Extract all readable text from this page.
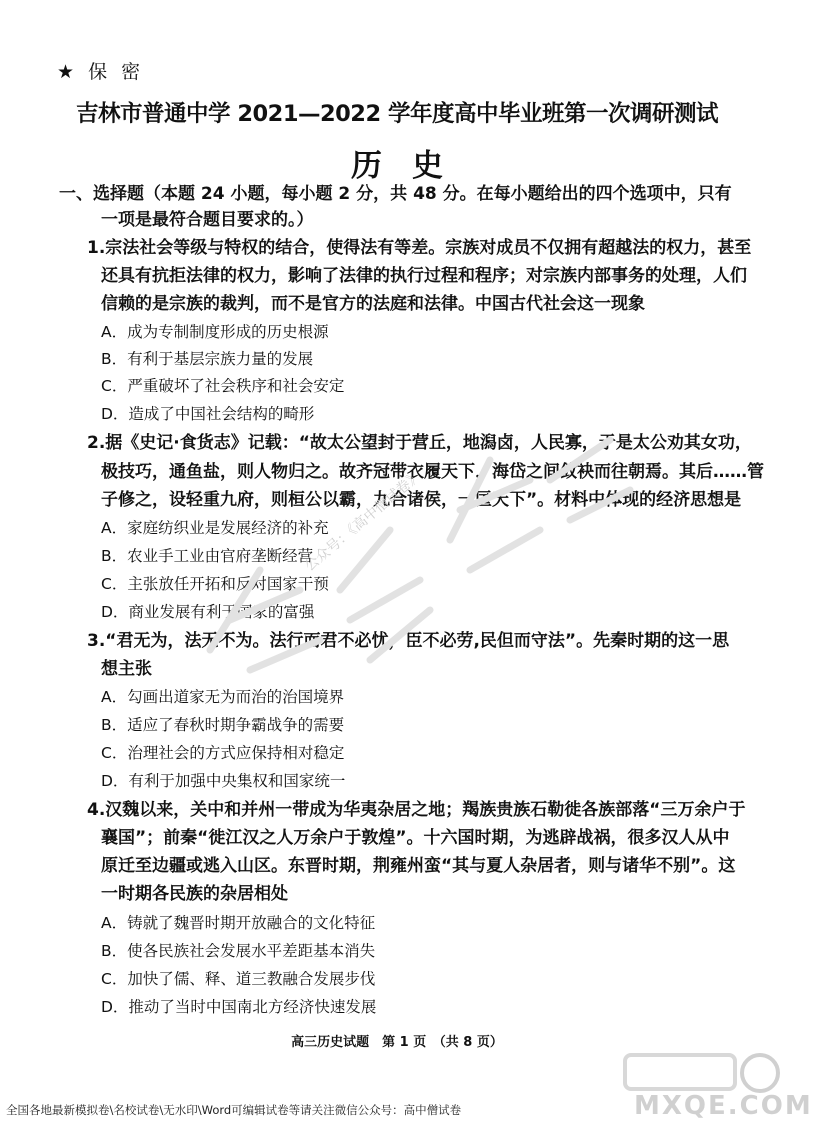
★ 保 密
吉林市普通中学 2021—2022 学年度高中毕业班第一次调研测试
历史
一、选择题（本题 24 小题，每小题 2 分，共 48 分。在每小题给出的四个选项中，只有
一项是最符合题目要求的。）
1.宗法社会等级与特权的结合，使得法有等差。宗族对成员不仅拥有超越法的权力，甚至
还具有抗拒法律的权力，影响了法律的执行过程和程序；对宗族内部事务的处理，人们
信赖的是宗族的裁判，而不是官方的法庭和法律。中国古代社会这一现象
A．成为专制制度形成的历史根源
B．有利于基层宗族力量的发展
C．严重破坏了社会秩序和社会安定
D．造成了中国社会结构的畸形
2.据《史记·食货志》记载：“故太公望封于营丘，地潟卤，人民寡，于是太公劝其女功，
极技巧，通鱼盐，则人物归之。故齐冠带衣履天下，海岱之间敛袂而往朝焉。其后……管
子修之，设轻重九府，则桓公以霸，九合诸侯，一匡天下”。材料中体现的经济思想是
A．家庭纺织业是发展经济的补充
B．农业手工业由官府垄断经营
C．主张放任开拓和反对国家干预
D．商业发展有利于国家的富强
3.“君无为，法无不为。法行而君不必忧，臣不必劳,民但而守法”。先秦时期的这一思
想主张
A．勾画出道家无为而治的治国境界
B．适应了春秋时期争霸战争的需要
C．治理社会的方式应保持相对稳定
D．有利于加强中央集权和国家统一
4.汉魏以来，关中和并州一带成为华夷杂居之地；羯族贵族石勒徙各族部落“三万余户于
襄国”；前秦“徙江汉之人万余户于敦煌”。十六国时期，为逃辟战祸，很多汉人从中
原迁至边疆或逃入山区。东晋时期，荆雍州蛮“其与夏人杂居者，则与诸华不别”。这
一时期各民族的杂居相处
A．铸就了魏晋时期开放融合的文化特征
B．使各民族社会发展水平差距基本消失
C．加快了儒、释、道三教融合发展步伐
D．推动了当时中国南北方经济快速发展
公众号：《高中僧试卷》
高三历史试题　第 1 页　（共 8 页）
MXQE.COM
全国各地最新模拟卷\名校试卷\无水印\Word可编辑试卷等请关注微信公众号：高中僧试卷
